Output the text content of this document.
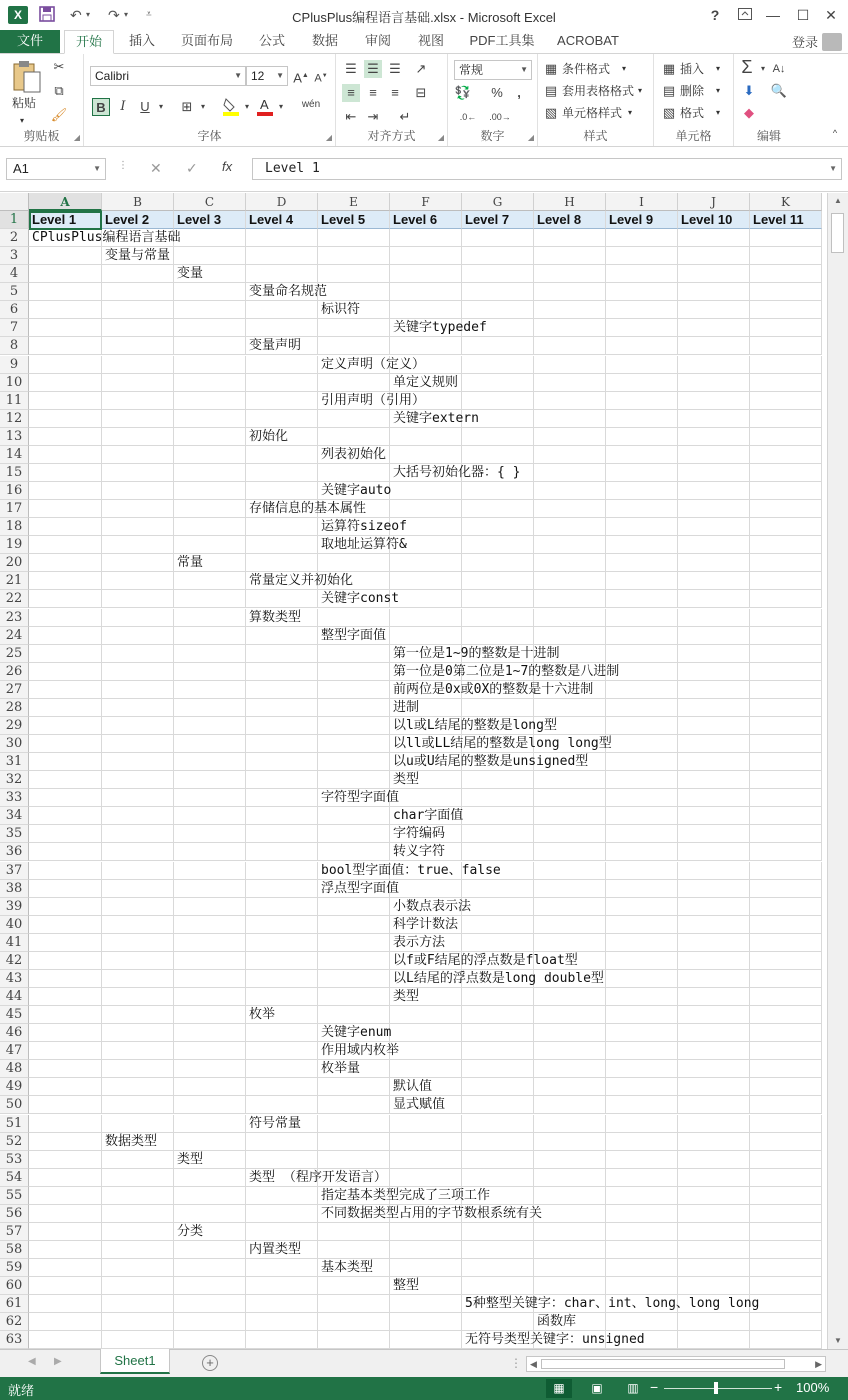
X	↶ ▾ ↷ ▾ ⩡	CPlusPlus编程语言基础.xlsx - Microsoft Excel	?	—	☐	✕
文件	开始	插入	页面布局	公式	数据	审阅	视图	PDF工具集	ACROBAT	登录
粘贴
▾
✂
⧉
🖌
剪贴板	◢
Calibri	▼ 12 ▼ A▲ A▼
B	I	U	▾	⊞	▾	▾ A	▾	wén
字体	◢
☰ ☰ ☰ ↗
≡	≡	≡	⊟
⇤ ⇥ ↵
对齐方式	◢
常规	▼
💱 %	,
.0←	.00→
数字	◢
▦ 条件格式 ▾
▤ 套用表格格式 ▾
▧ 单元格样式 ▾
样式
▦ 插入 ▾
▤ 删除 ▾
▧ 格式 ▾
单元格
Σ	▾ A↓
⬇ 🔍
◆
编辑	^
A1	▼ ⋮ ✕ ✓ fx	Level 1	▼
A	B	C	D	E	F	G	H	I	J	K
1	Level 1 Level 2 Level 3 Level 4 Level 5 Level 6 Level 7 Level 8 Level 9 Level 10 Level 11
2	CPlusPlus编程语言基础
3	变量与常量
4	变量
5	变量命名规范
6	标识符
7	关键字typedef
8	变量声明
9	定义声明（定义）
10	单定义规则
11	引用声明（引用）
12	关键字extern
13	初始化
14	列表初始化
15	大括号初始化器：{ }
16	关键字auto
17	存储信息的基本属性
18	运算符sizeof
19	取地址运算符&
20	常量
21	常量定义并初始化
22	关键字const
23	算数类型
24	整型字面值
25	第一位是1~9的整数是十进制
26	第一位是0第二位是1~7的整数是八进制
27	前两位是0x或0X的整数是十六进制
28	进制
29	以l或L结尾的整数是long型
30	以ll或LL结尾的整数是long long型
31	以u或U结尾的整数是unsigned型
32	类型
33	字符型字面值
34	char字面值
35	字符编码
36	转义字符
37	bool型字面值：true、false
38	浮点型字面值
39	小数点表示法
40	科学计数法
41	表示方法
42	以f或F结尾的浮点数是float型
43	以L结尾的浮点数是long double型
44	类型
45	枚举
46	关键字enum
47	作用域内枚举
48	枚举量
49	默认值
50	显式赋值
51	符号常量
52	数据类型
53	类型
54	类型 （程序开发语言）
55	指定基本类型完成了三项工作
56	不同数据类型占用的字节数根系统有关
57	分类
58	内置类型
59	基本类型
60	整型
61	5种整型关键字：char、int、long、long long
62	函数库
63	无符号类型关键字：unsigned
▲
▼
◀ ▶	Sheet1	+	⋮ ◀	▶
就绪	▦	▣	▥ −	+ 100%
